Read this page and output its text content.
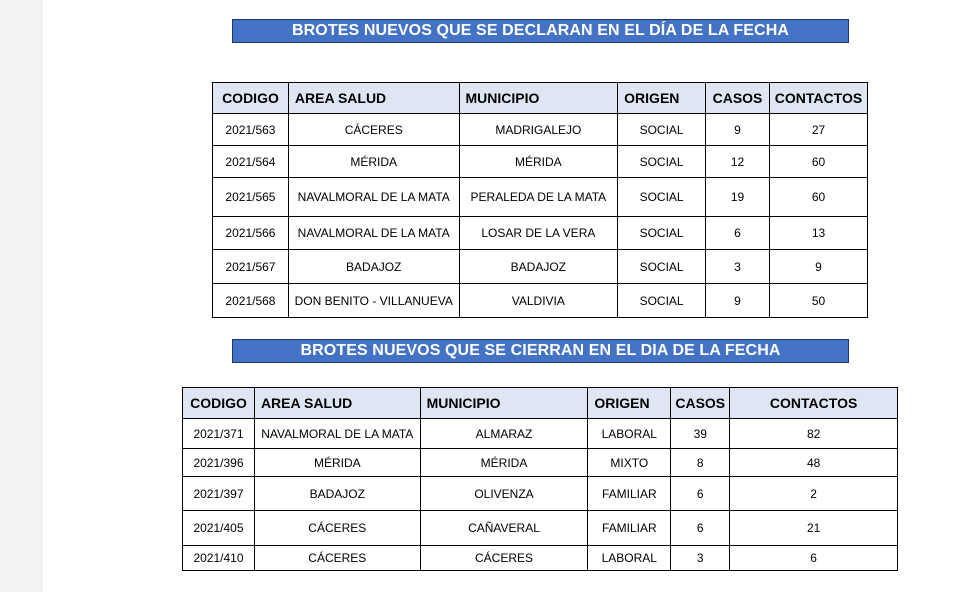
BROTES NUEVOS QUE SE DECLARAN EN EL DÍA DE LA FECHA
CODIGO	AREA SALUD	MUNICIPIO	ORIGEN	CASOS	CONTACTOS
2021/563	CÁCERES	MADRIGALEJO	SOCIAL	9	27
2021/564	MÉRIDA	MÉRIDA	SOCIAL	12	60
2021/565	NAVALMORAL DE LA MATA	PERALEDA DE LA MATA	SOCIAL	19	60
2021/566	NAVALMORAL DE LA MATA	LOSAR DE LA VERA	SOCIAL	6	13
2021/567	BADAJOZ	BADAJOZ	SOCIAL	3	9
2021/568	DON BENITO - VILLANUEVA	VALDIVIA	SOCIAL	9	50
BROTES NUEVOS QUE SE CIERRAN EN EL DIA DE LA FECHA
CODIGO	AREA SALUD	MUNICIPIO	ORIGEN	CASOS	CONTACTOS
2021/371	NAVALMORAL DE LA MATA	ALMARAZ	LABORAL	39	82
2021/396	MÉRIDA	MÉRIDA	MIXTO	8	48
2021/397	BADAJOZ	OLIVENZA	FAMILIAR	6	2
2021/405	CÁCERES	CAÑAVERAL	FAMILIAR	6	21
2021/410	CÁCERES	CÁCERES	LABORAL	3	6
